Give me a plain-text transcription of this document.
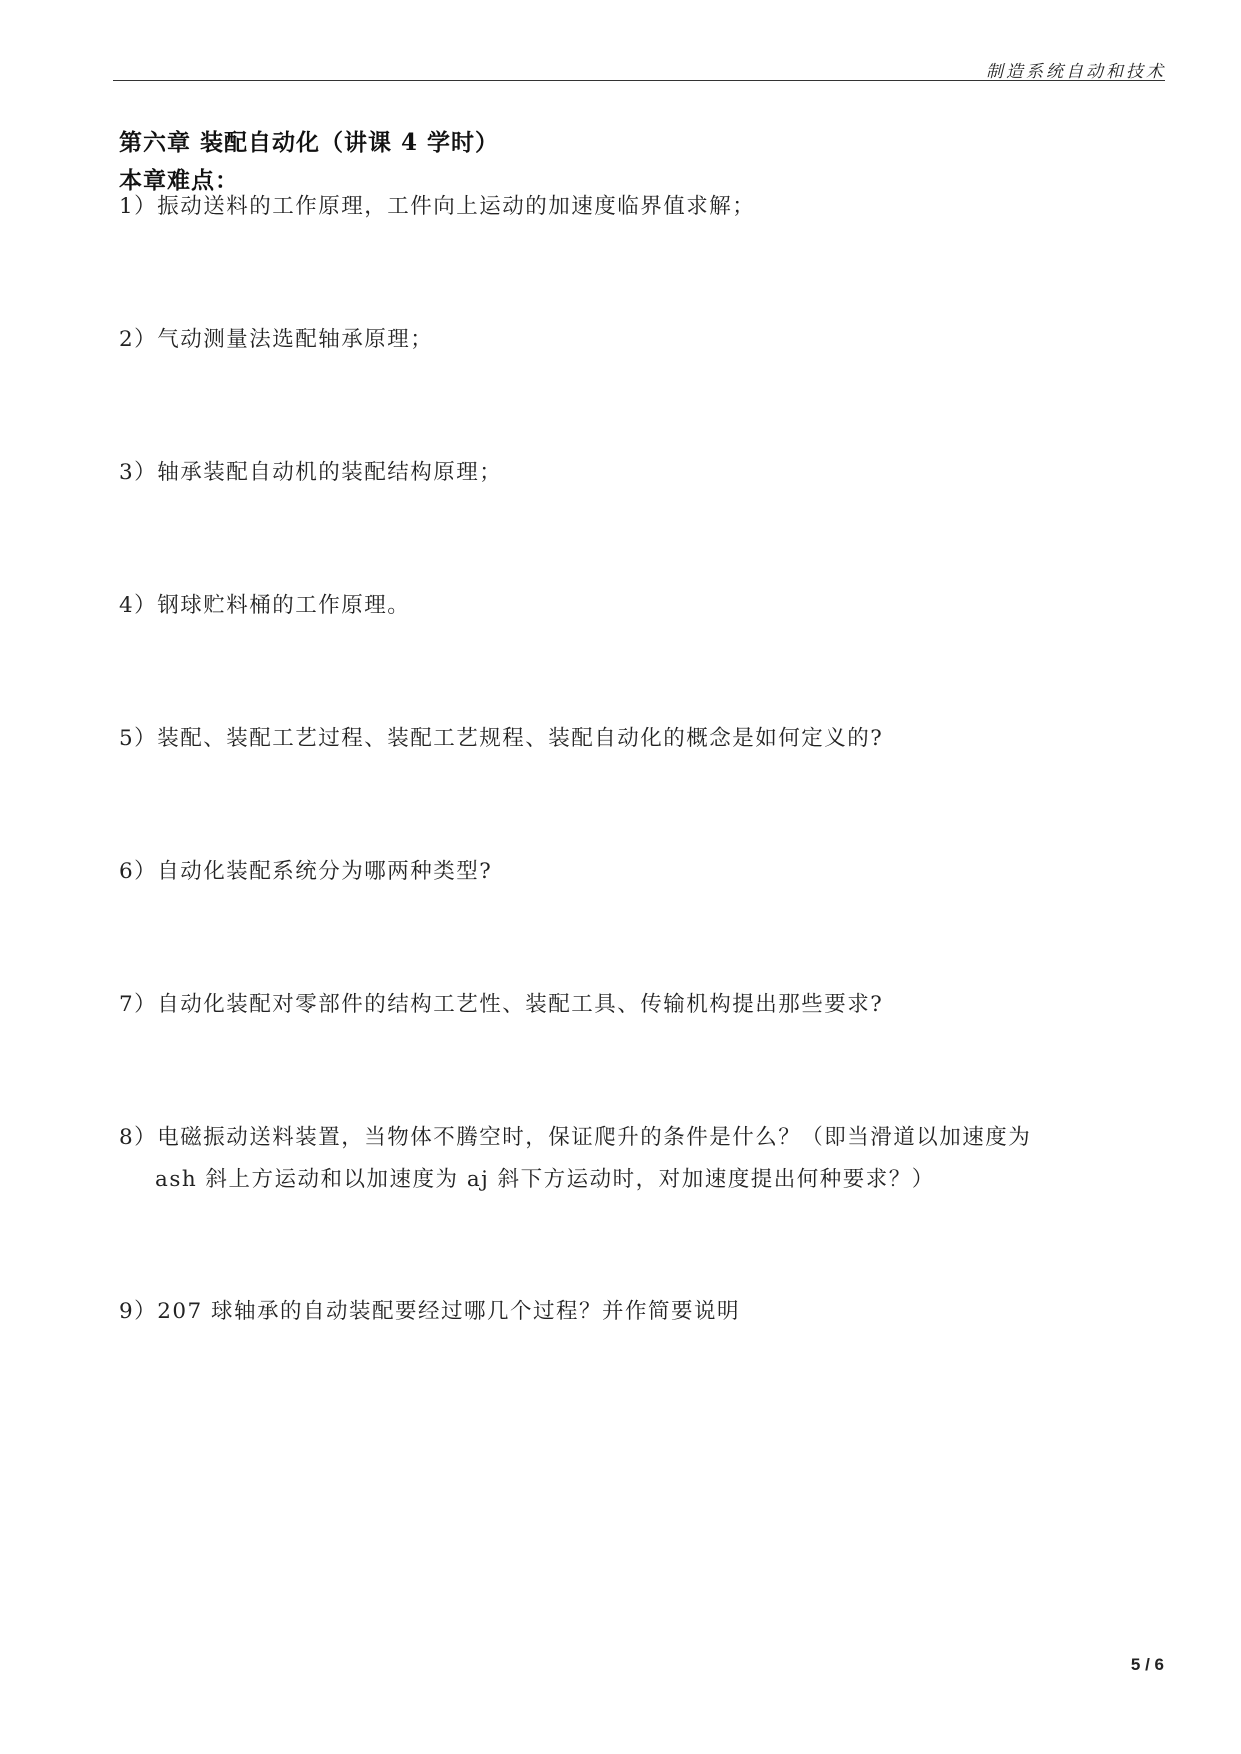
制造系统自动和技术
第六章 装配自动化（讲课 4 学时）
本章难点：
1）振动送料的工作原理，工件向上运动的加速度临界值求解；
2）气动测量法选配轴承原理；
3）轴承装配自动机的装配结构原理；
4）钢球贮料桶的工作原理。
5）装配、装配工艺过程、装配工艺规程、装配自动化的概念是如何定义的?
6）自动化装配系统分为哪两种类型?
7）自动化装配对零部件的结构工艺性、装配工具、传输机构提出那些要求?
8）电磁振动送料装置，当物体不腾空时，保证爬升的条件是什么？（即当滑道以加速度为
ash 斜上方运动和以加速度为 aj 斜下方运动时，对加速度提出何种要求？）
9）207 球轴承的自动装配要经过哪几个过程？并作简要说明
5 / 6
